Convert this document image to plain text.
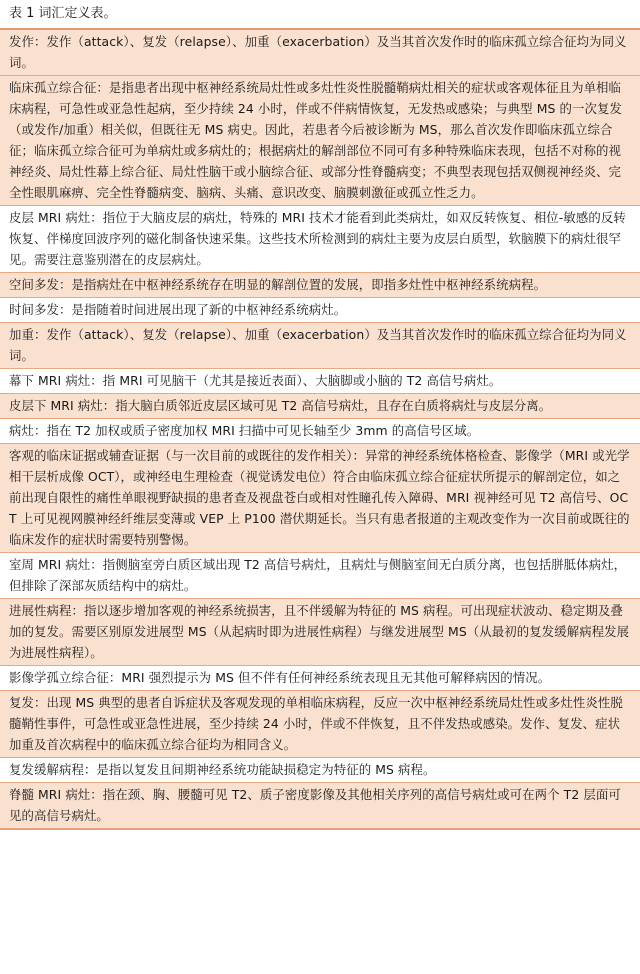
表 1 词汇定义表。
发作：发作（attack）、复发（relapse）、加重（exacerbation）及当其首次发作时的临床孤立综合征均为同义词。
临床孤立综合征：是指患者出现中枢神经系统局灶性或多灶性炎性脱髓鞘病灶相关的症状或客观体征且为单相临床病程，可急性或亚急性起病，至少持续 24 小时，伴或不伴病情恢复，无发热或感染；与典型 MS 的一次复发（或发作/加重）相关似，但既往无 MS 病史。因此，若患者今后被诊断为 MS，那么首次发作即临床孤立综合征；临床孤立综合征可为单病灶或多病灶的；根据病灶的解剖部位不同可有多种特殊临床表现，包括不对称的视神经炎、局灶性幕上综合征、局灶性脑干或小脑综合征、或部分性脊髓病变；不典型表现包括双侧视神经炎、完全性眼肌麻痹、完全性脊髓病变、脑病、头痛、意识改变、脑膜刺激征或孤立性乏力。
皮层 MRI 病灶：指位于大脑皮层的病灶，特殊的 MRI 技术才能看到此类病灶，如双反转恢复、相位-敏感的反转恢复、伴梯度回波序列的磁化制备快速采集。这些技术所检测到的病灶主要为皮层白质型，软脑膜下的病灶很罕见。需要注意鉴别潜在的皮层病灶。
空间多发：是指病灶在中枢神经系统存在明显的解剖位置的发展，即指多灶性中枢神经系统病程。
时间多发：是指随着时间进展出现了新的中枢神经系统病灶。
加重：发作（attack）、复发（relapse）、加重（exacerbation）及当其首次发作时的临床孤立综合征均为同义词。
幕下 MRI 病灶：指 MRI 可见脑干（尤其是接近表面）、大脑脚或小脑的 T2 高信号病灶。
皮层下 MRI 病灶：指大脑白质邻近皮层区域可见 T2 高信号病灶，且存在白质将病灶与皮层分离。
病灶：指在 T2 加权或质子密度加权 MRI 扫描中可见长轴至少 3mm 的高信号区域。
客观的临床证据或辅查证据（与一次目前的或既往的发作相关）：异常的神经系统体格检查、影像学（MRI 或光学相干层析成像 OCT），或神经电生理检查（视觉诱发电位）符合由临床孤立综合征症状所提示的解剖定位，如之前出现自限性的痛性单眼视野缺损的患者查及视盘苍白或相对性瞳孔传入障碍、MRI 视神经可见 T2 高信号、OCT 上可见视网膜神经纤维层变薄或 VEP 上 P100 潜伏期延长。当只有患者报道的主观改变作为一次目前或既往的临床发作的症状时需要特别警惕。
室周 MRI 病灶：指侧脑室旁白质区域出现 T2 高信号病灶，且病灶与侧脑室间无白质分离，也包括胼胝体病灶，但排除了深部灰质结构中的病灶。
进展性病程：指以逐步增加客观的神经系统损害，且不伴缓解为特征的 MS 病程。可出现症状波动、稳定期及叠加的复发。需要区别原发进展型 MS（从起病时即为进展性病程）与继发进展型 MS（从最初的复发缓解病程发展为进展性病程）。
影像学孤立综合征：MRI 强烈提示为 MS 但不伴有任何神经系统表现且无其他可解释病因的情况。
复发：出现 MS 典型的患者自诉症状及客观发现的单相临床病程，反应一次中枢神经系统局灶性或多灶性炎性脱髓鞘性事件，可急性或亚急性进展，至少持续 24 小时，伴或不伴恢复，且不伴发热或感染。发作、复发、症状加重及首次病程中的临床孤立综合征均为相同含义。
复发缓解病程：是指以复发且间期神经系统功能缺损稳定为特征的 MS 病程。
脊髓 MRI 病灶：指在颈、胸、腰髓可见 T2、质子密度影像及其他相关序列的高信号病灶或可在两个 T2 层面可见的高信号病灶。
